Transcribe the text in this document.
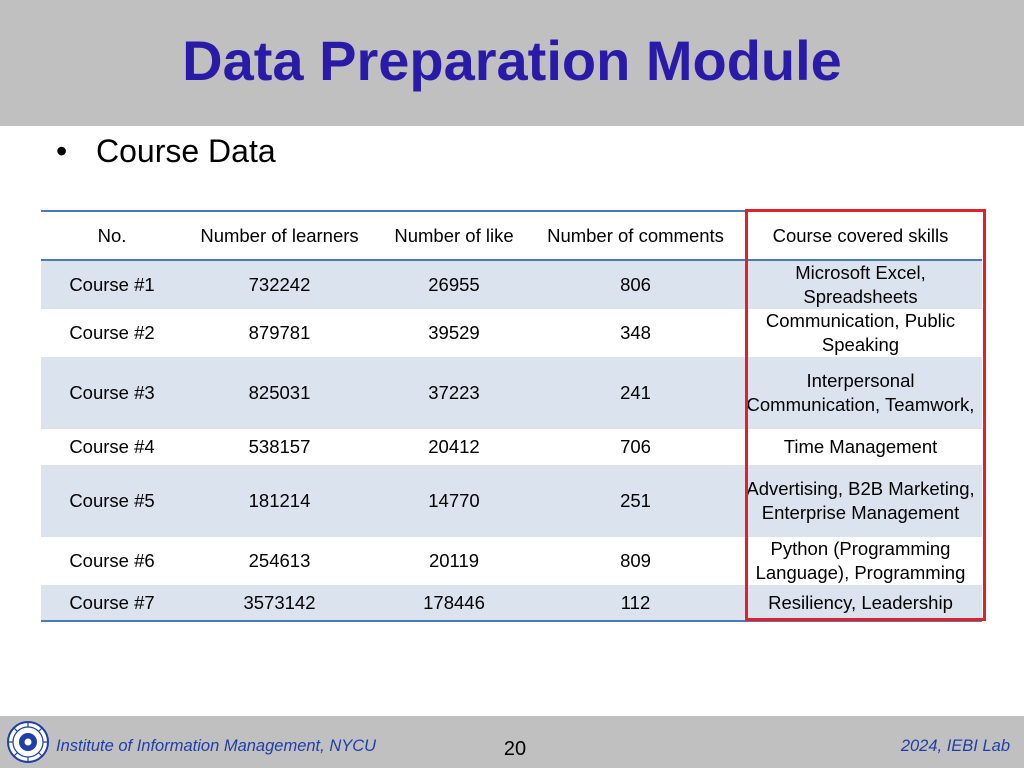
Data Preparation Module
• Course Data
No.	Number of learners	Number of like	Number of comments	Course covered skills
Course #1	732242	26955	806	Microsoft Excel, Spreadsheets
Course #2	879781	39529	348	Communication, Public Speaking
Course #3	825031	37223	241	Interpersonal Communication, Teamwork,
Course #4	538157	20412	706	Time Management
Course #5	181214	14770	251	Advertising, B2B Marketing, Enterprise Management
Course #6	254613	20119	809	Python (Programming Language), Programming
Course #7	3573142	178446	112	Resiliency, Leadership
Institute of Information Management, NYCU	20	2024, IEBI Lab
